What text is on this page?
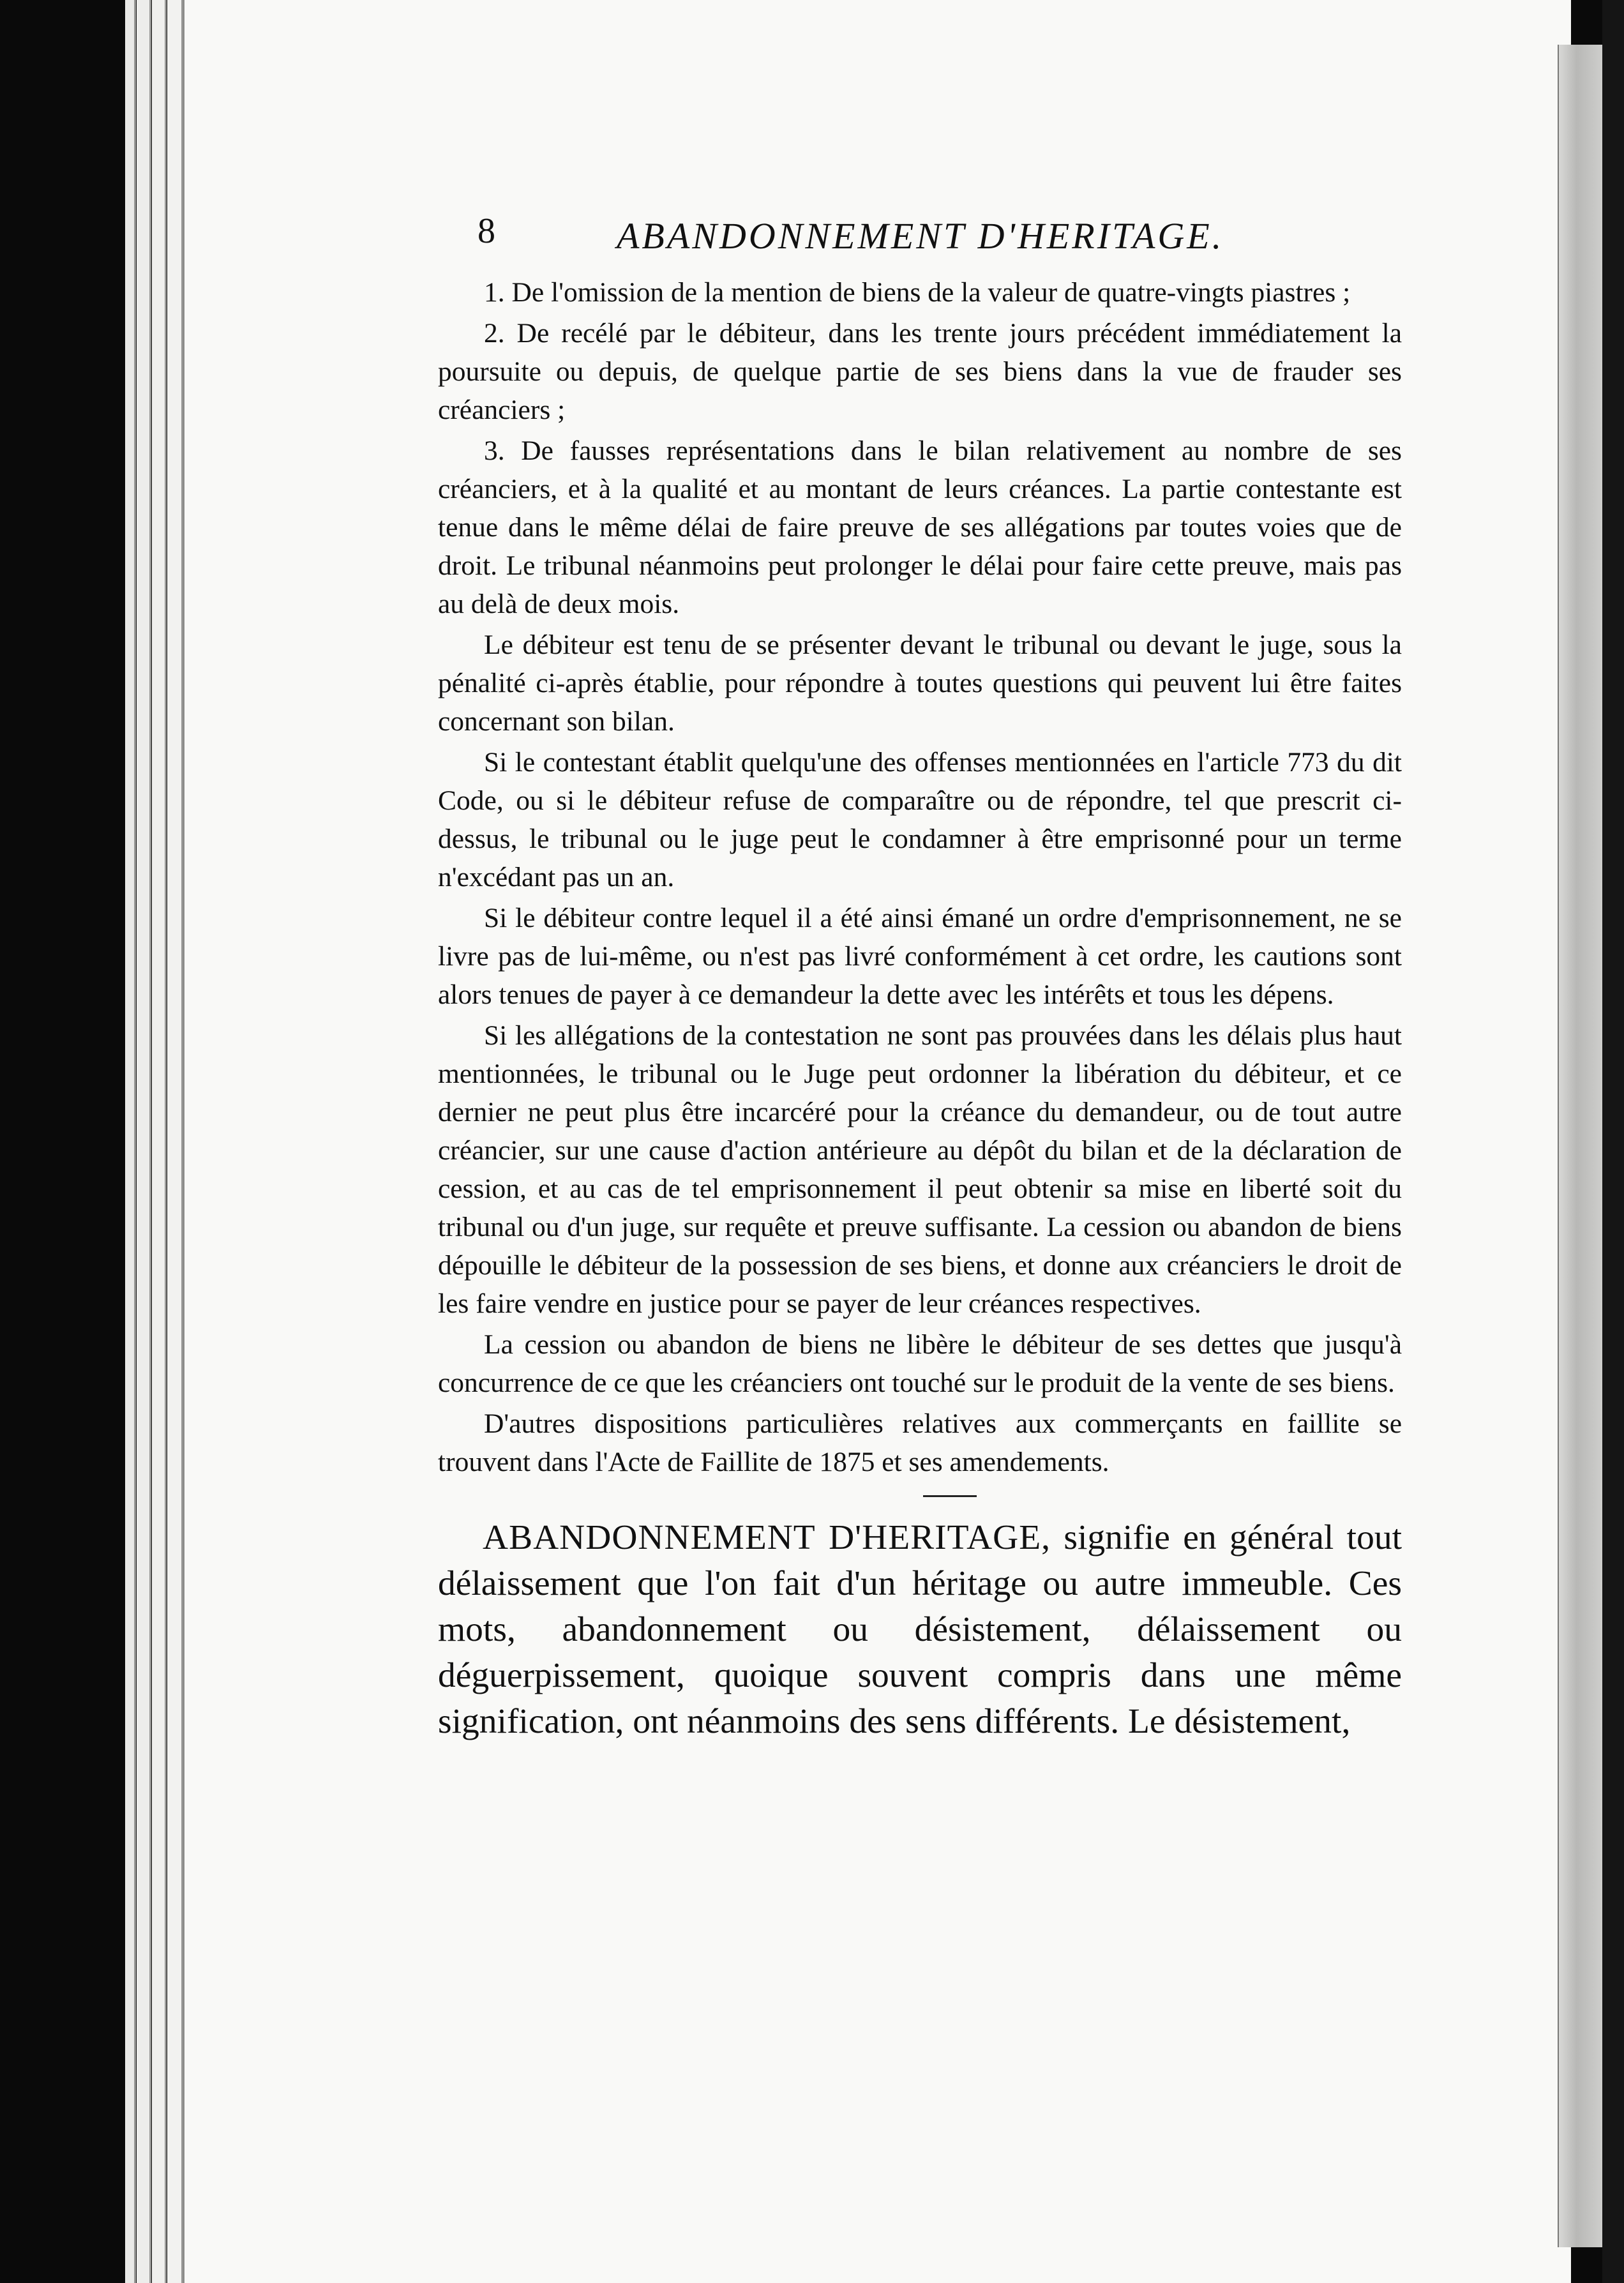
8	ABANDONNEMENT D'HERITAGE.

1. De l'omission de la mention de biens de la valeur de quatre-vingts piastres ;

2. De recélé par le débiteur, dans les trente jours précédent immédiatement la poursuite ou depuis, de quelque partie de ses biens dans la vue de frauder ses créanciers ;

3. De fausses représentations dans le bilan relativement au nombre de ses créanciers, et à la qualité et au montant de leurs créances. La partie contestante est tenue dans le même délai de faire preuve de ses allégations par toutes voies que de droit. Le tribunal néanmoins peut prolonger le délai pour faire cette preuve, mais pas au delà de deux mois.

Le débiteur est tenu de se présenter devant le tribunal ou devant le juge, sous la pénalité ci-après établie, pour répondre à toutes questions qui peuvent lui être faites concernant son bilan.

Si le contestant établit quelqu'une des offenses mentionnées en l'article 773 du dit Code, ou si le débiteur refuse de comparaître ou de répondre, tel que prescrit ci-dessus, le tribunal ou le juge peut le condamner à être emprisonné pour un terme n'excédant pas un an.

Si le débiteur contre lequel il a été ainsi émané un ordre d'emprisonnement, ne se livre pas de lui-même, ou n'est pas livré conformément à cet ordre, les cautions sont alors tenues de payer à ce demandeur la dette avec les intérêts et tous les dépens.

Si les allégations de la contestation ne sont pas prouvées dans les délais plus haut mentionnées, le tribunal ou le Juge peut ordonner la libération du débiteur, et ce dernier ne peut plus être incarcéré pour la créance du demandeur, ou de tout autre créancier, sur une cause d'action antérieure au dépôt du bilan et de la déclaration de cession, et au cas de tel emprisonnement il peut obtenir sa mise en liberté soit du tribunal ou d'un juge, sur requête et preuve suffisante. La cession ou abandon de biens dépouille le débiteur de la possession de ses biens, et donne aux créanciers le droit de les faire vendre en justice pour se payer de leur créances respectives.

La cession ou abandon de biens ne libère le débiteur de ses dettes que jusqu'à concurrence de ce que les créanciers ont touché sur le produit de la vente de ses biens.

D'autres dispositions particulières relatives aux commerçants en faillite se trouvent dans l'Acte de Faillite de 1875 et ses amendements.

ABANDONNEMENT D'HERITAGE, signifie en général tout délaissement que l'on fait d'un héritage ou autre immeuble. Ces mots, abandonnement ou désistement, délaissement ou déguerpissement, quoique souvent compris dans une même signification, ont néanmoins des sens différents. Le désistement,
